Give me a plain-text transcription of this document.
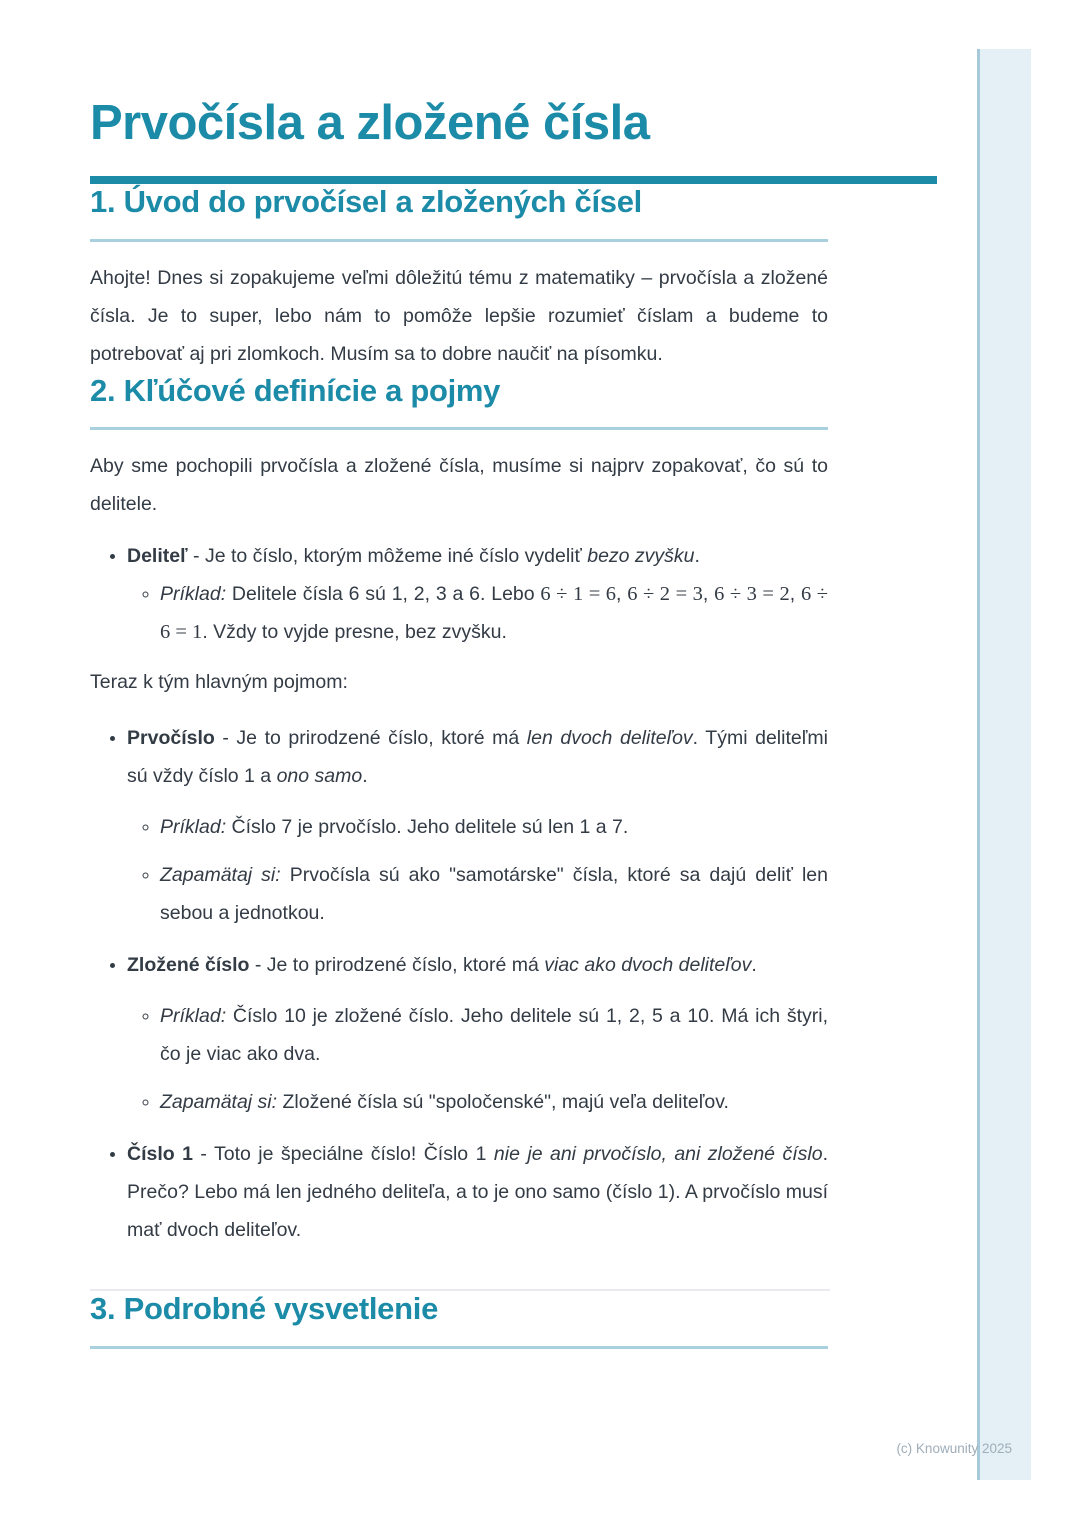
Prvočísla a zložené čísla
1. Úvod do prvočísel a zložených čísel

Ahojte! Dnes si zopakujeme veľmi dôležitú tému z matematiky – prvočísla a zložené čísla. Je to super, lebo nám to pomôže lepšie rozumieť číslam a budeme to potrebovať aj pri zlomkoch. Musím sa to dobre naučiť na písomku.

2. Kľúčové definície a pojmy

Aby sme pochopili prvočísla a zložené čísla, musíme si najprv zopakovať, čo sú to delitele.

• Deliteľ - Je to číslo, ktorým môžeme iné číslo vydeliť bezo zvyšku.
◦ Príklad: Delitele čísla 6 sú 1, 2, 3 a 6. Lebo 6 ÷ 1 = 6, 6 ÷ 2 = 3, 6 ÷ 3 = 2, 6 ÷ 6 = 1. Vždy to vyjde presne, bez zvyšku.

Teraz k tým hlavným pojmom:

• Prvočíslo - Je to prirodzené číslo, ktoré má len dvoch deliteľov. Tými deliteľmi sú vždy číslo 1 a ono samo.
◦ Príklad: Číslo 7 je prvočíslo. Jeho delitele sú len 1 a 7.
◦ Zapamätaj si: Prvočísla sú ako "samotárske" čísla, ktoré sa dajú deliť len sebou a jednotkou.
• Zložené číslo - Je to prirodzené číslo, ktoré má viac ako dvoch deliteľov.
◦ Príklad: Číslo 10 je zložené číslo. Jeho delitele sú 1, 2, 5 a 10. Má ich štyri, čo je viac ako dva.
◦ Zapamätaj si: Zložené čísla sú "spoločenské", majú veľa deliteľov.
• Číslo 1 - Toto je špeciálne číslo! Číslo 1 nie je ani prvočíslo, ani zložené číslo. Prečo? Lebo má len jedného deliteľa, a to je ono samo (číslo 1). A prvočíslo musí mať dvoch deliteľov.
3. Podrobné vysvetlenie
(c) Knowunity 2025
